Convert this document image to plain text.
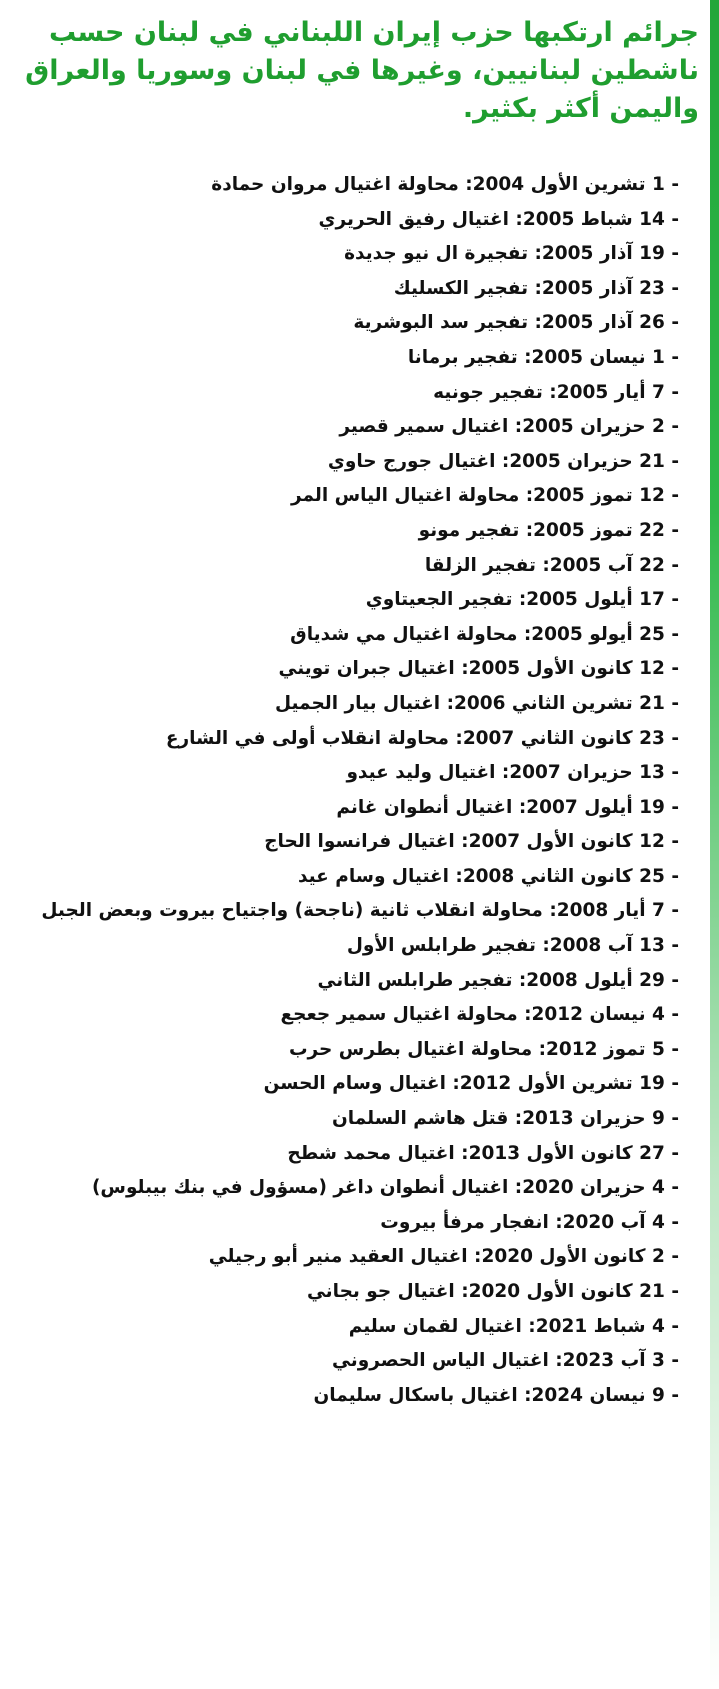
جرائم ارتكبها حزب إيران اللبناني في لبنان حسب ناشطين لبنانيين، وغيرها في لبنان وسوريا والعراق واليمن أكثر بكثير.
- 1 تشرين الأول 2004: محاولة اغتيال مروان حمادة
- 14 شباط 2005: اغتيال رفيق الحريري
- 19 آذار 2005: تفجيرة ال نيو جديدة
- 23 آذار 2005: تفجير الكسليك
- 26 آذار 2005: تفجير سد البوشرية
- 1 نيسان 2005: تفجير برمانا
- 7 أيار 2005: تفجير جونيه
- 2 حزيران 2005: اغتيال سمير قصير
- 21 حزيران 2005: اغتيال جورج حاوي
- 12 تموز 2005: محاولة اغتيال الياس المر
- 22 تموز 2005: تفجير مونو
- 22 آب 2005: تفجير الزلقا
- 17 أيلول 2005: تفجير الجعيتاوي
- 25 أيولو 2005: محاولة اغتيال مي شدياق
- 12 كانون الأول 2005: اغتيال جبران تويني
- 21 تشرين الثاني 2006: اغتيال بيار الجميل
- 23 كانون الثاني 2007: محاولة انقلاب أولى في الشارع
- 13 حزيران 2007: اغتيال وليد عيدو
- 19 أيلول 2007: اغتيال أنطوان غانم
- 12 كانون الأول 2007: اغتيال فرانسوا الحاج
- 25 كانون الثاني 2008: اغتيال وسام عيد
- 7 أيار 2008: محاولة انقلاب ثانية (ناجحة) واجتياح بيروت وبعض الجبل
- 13 آب 2008: تفجير طرابلس الأول
- 29 أيلول 2008: تفجير طرابلس الثاني
- 4 نيسان 2012: محاولة اغتيال سمير جعجع
- 5 تموز 2012: محاولة اغتيال بطرس حرب
- 19 تشرين الأول 2012: اغتيال وسام الحسن
- 9 حزيران 2013: قتل هاشم السلمان
- 27 كانون الأول 2013: اغتيال محمد شطح
- 4 حزيران 2020: اغتيال أنطوان داغر (مسؤول في بنك بيبلوس)
- 4 آب 2020: انفجار مرفأ بيروت
- 2 كانون الأول 2020: اغتيال العقيد منير أبو رجيلي
- 21 كانون الأول 2020: اغتيال جو بجاني
- 4 شباط 2021: اغتيال لقمان سليم
- 3 آب 2023: اغتيال الياس الحصروني
- 9 نيسان 2024: اغتيال باسكال سليمان
